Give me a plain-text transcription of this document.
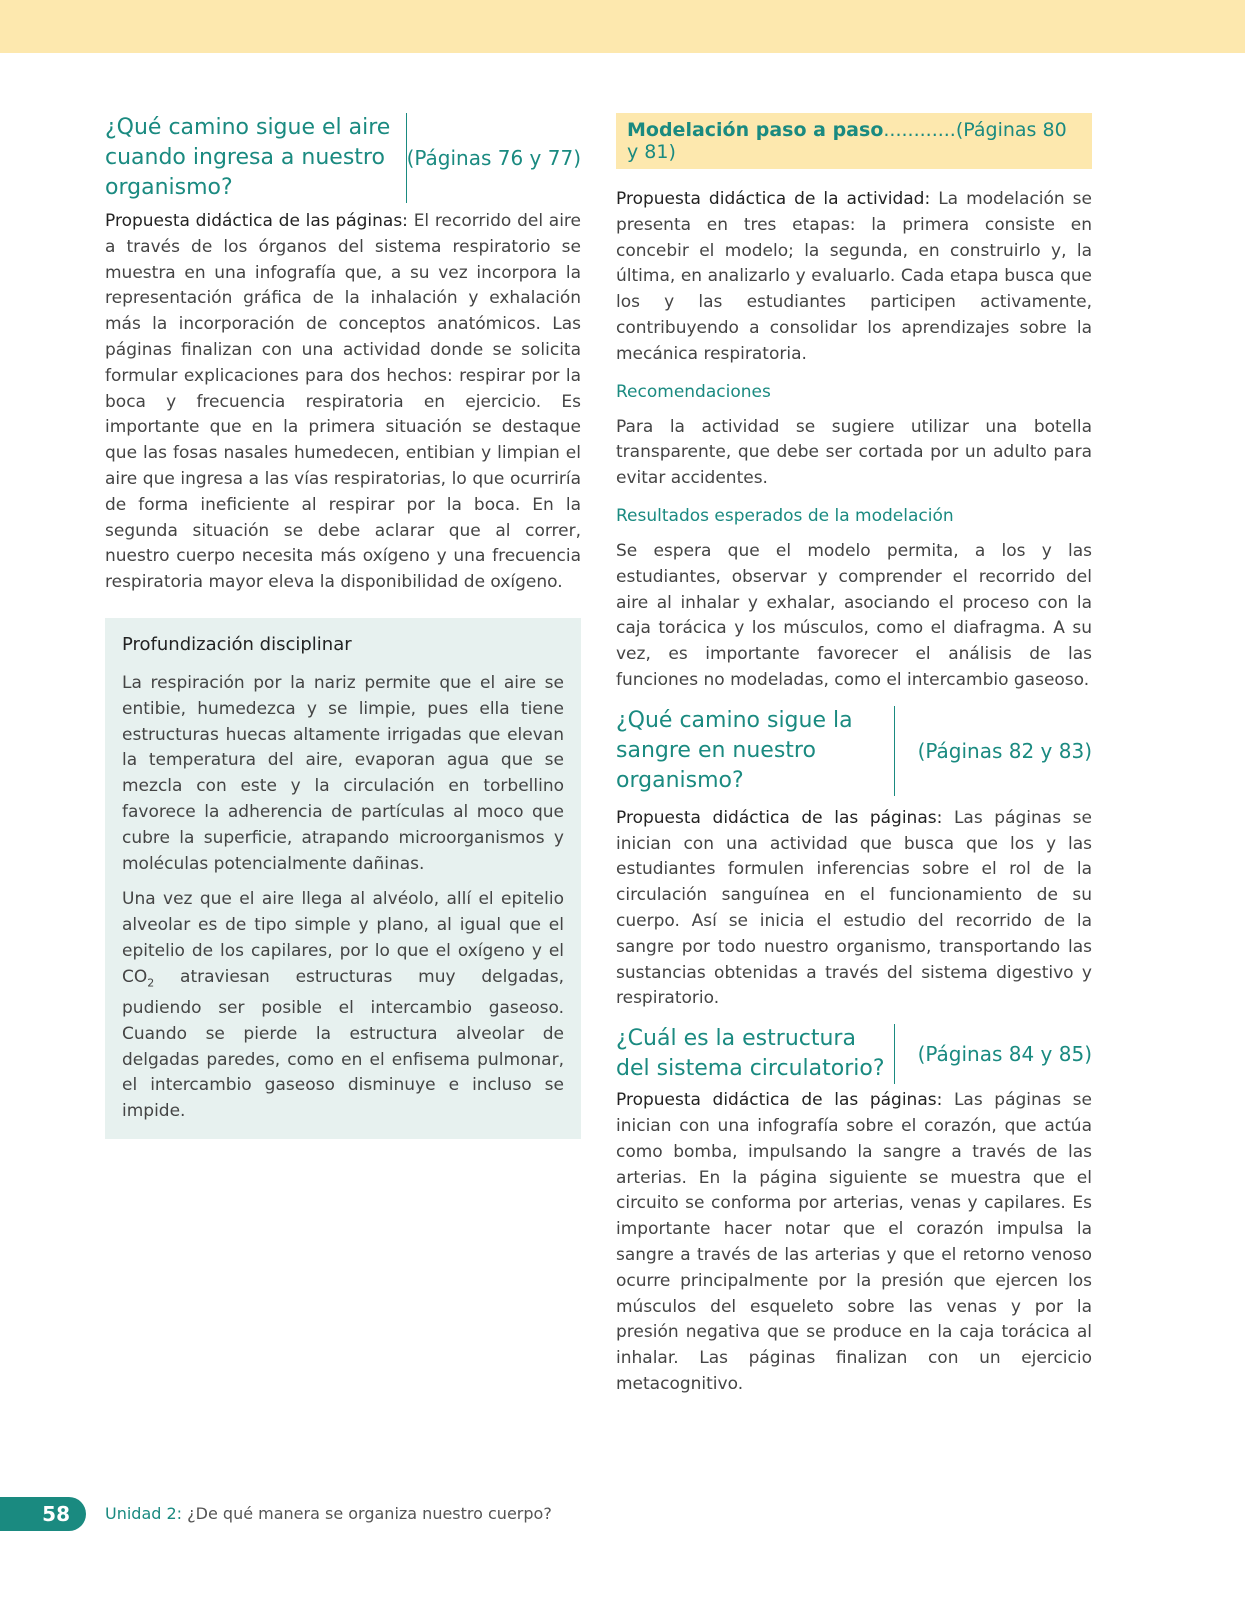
¿Qué camino sigue el aire cuando ingresa a nuestro organismo?
(Páginas 76 y 77)

Propuesta didáctica de las páginas: El recorrido del aire a través de los órganos del sistema respiratorio se muestra en una infografía que, a su vez incorpora la representación gráfica de la inhalación y exhalación más la incorporación de conceptos anatómicos. Las páginas finalizan con una actividad donde se solicita formular explicaciones para dos hechos: respirar por la boca y frecuencia respiratoria en ejercicio. Es importante que en la primera situación se destaque que las fosas nasales humedecen, entibian y limpian el aire que ingresa a las vías respiratorias, lo que ocurriría de forma ineficiente al respirar por la boca. En la segunda situación se debe aclarar que al correr, nuestro cuerpo necesita más oxígeno y una frecuencia respiratoria mayor eleva la disponibilidad de oxígeno.

Profundización disciplinar

La respiración por la nariz permite que el aire se entibie, humedezca y se limpie, pues ella tiene estructuras huecas altamente irrigadas que elevan la temperatura del aire, evaporan agua que se mezcla con este y la circulación en torbellino favorece la adherencia de partículas al moco que cubre la superficie, atrapando microorganismos y moléculas potencialmente dañinas.

Una vez que el aire llega al alvéolo, allí el epitelio alveolar es de tipo simple y plano, al igual que el epitelio de los capilares, por lo que el oxígeno y el $CO_2$ atraviesan estructuras muy delgadas, pudiendo ser posible el intercambio gaseoso. Cuando se pierde la estructura alveolar de delgadas paredes, como en el enfisema pulmonar, el intercambio gaseoso disminuye e incluso se impide.

Modelación paso a paso............(Páginas 80 y 81)

Propuesta didáctica de la actividad: La modelación se presenta en tres etapas: la primera consiste en concebir el modelo; la segunda, en construirlo y, la última, en analizarlo y evaluarlo. Cada etapa busca que los y las estudiantes participen activamente, contribuyendo a consolidar los aprendizajes sobre la mecánica respiratoria.

Recomendaciones

Para la actividad se sugiere utilizar una botella transparente, que debe ser cortada por un adulto para evitar accidentes.

Resultados esperados de la modelación

Se espera que el modelo permita, a los y las estudiantes, observar y comprender el recorrido del aire al inhalar y exhalar, asociando el proceso con la caja torácica y los músculos, como el diafragma. A su vez, es importante favorecer el análisis de las funciones no modeladas, como el intercambio gaseoso.

¿Qué camino sigue la sangre en nuestro organismo?
(Páginas 82 y 83)

Propuesta didáctica de las páginas: Las páginas se inician con una actividad que busca que los y las estudiantes formulen inferencias sobre el rol de la circulación sanguínea en el funcionamiento de su cuerpo. Así se inicia el estudio del recorrido de la sangre por todo nuestro organismo, transportando las sustancias obtenidas a través del sistema digestivo y respiratorio.

¿Cuál es la estructura del sistema circulatorio?
(Páginas 84 y 85)

Propuesta didáctica de las páginas: Las páginas se inician con una infografía sobre el corazón, que actúa como bomba, impulsando la sangre a través de las arterias. En la página siguiente se muestra que el circuito se conforma por arterias, venas y capilares. Es importante hacer notar que el corazón impulsa la sangre a través de las arterias y que el retorno venoso ocurre principalmente por la presión que ejercen los músculos del esqueleto sobre las venas y por la presión negativa que se produce en la caja torácica al inhalar. Las páginas finalizan con un ejercicio metacognitivo.

58	Unidad 2: ¿De qué manera se organiza nuestro cuerpo?
